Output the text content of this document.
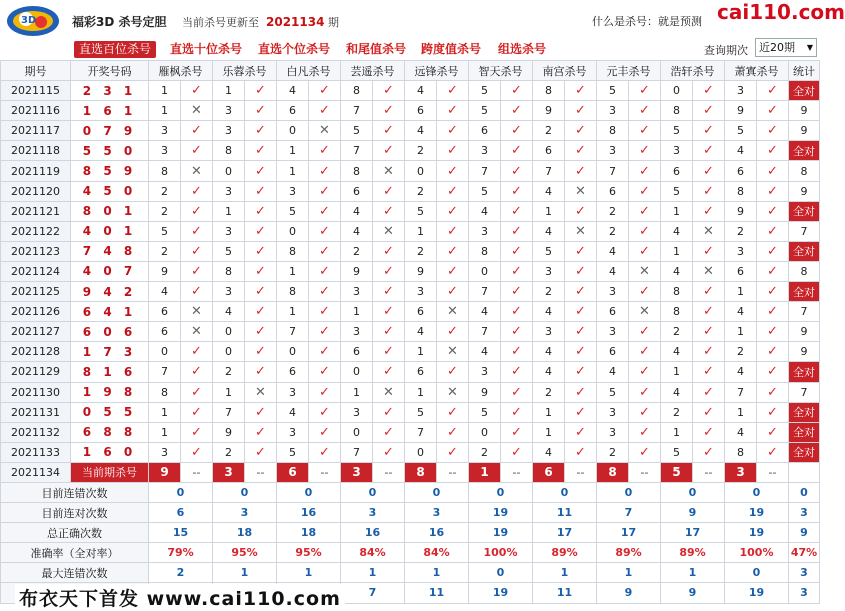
3D	福彩3D 杀号定胆 当前杀号更新至 2021134 期	什么是杀号：就是预测 cai110.com
直选百位杀号	直选十位杀号 直选个位杀号 和尾值杀号 跨度值杀号 组选杀号	查询期次	近20期 ▼
期号	开奖号码	雁枫杀号		乐蓉杀号		白凡杀号		芸遥杀号		远锋杀号		智天杀号		南宫杀号		元丰杀号		浩轩杀号		萧寘杀号		统计
2021115	2 3 1	1	✓	1	✓	4	✓	8	✓	4	✓	5	✓	8	✓	5	✓	0	✓	3	✓	全对
2021116	1 6 1	1	✕	3	✓	6	✓	7	✓	6	✓	5	✓	9	✓	3	✓	8	✓	9	✓	9
2021117	0 7 9	3	✓	3	✓	0	✕	5	✓	4	✓	6	✓	2	✓	8	✓	5	✓	5	✓	9
2021118	5 5 0	3	✓	8	✓	1	✓	7	✓	2	✓	3	✓	6	✓	3	✓	3	✓	4	✓	全对
2021119	8 5 9	8	✕	0	✓	1	✓	8	✕	0	✓	7	✓	7	✓	7	✓	6	✓	6	✓	8
2021120	4 5 0	2	✓	3	✓	3	✓	6	✓	2	✓	5	✓	4	✕	6	✓	5	✓	8	✓	9
2021121	8 0 1	2	✓	1	✓	5	✓	4	✓	5	✓	4	✓	1	✓	2	✓	1	✓	9	✓	全对
2021122	4 0 1	5	✓	3	✓	0	✓	4	✕	1	✓	3	✓	4	✕	2	✓	4	✕	2	✓	7
2021123	7 4 8	2	✓	5	✓	8	✓	2	✓	2	✓	8	✓	5	✓	4	✓	1	✓	3	✓	全对
2021124	4 0 7	9	✓	8	✓	1	✓	9	✓	9	✓	0	✓	3	✓	4	✕	4	✕	6	✓	8
2021125	9 4 2	4	✓	3	✓	8	✓	3	✓	3	✓	7	✓	2	✓	3	✓	8	✓	1	✓	全对
2021126	6 4 1	6	✕	4	✓	1	✓	1	✓	6	✕	4	✓	4	✓	6	✕	8	✓	4	✓	7
2021127	6 0 6	6	✕	0	✓	7	✓	3	✓	4	✓	7	✓	3	✓	3	✓	2	✓	1	✓	9
2021128	1 7 3	0	✓	0	✓	0	✓	6	✓	1	✕	4	✓	4	✓	6	✓	4	✓	2	✓	9
2021129	8 1 6	7	✓	2	✓	6	✓	0	✓	6	✓	3	✓	4	✓	4	✓	1	✓	4	✓	全对
2021130	1 9 8	8	✓	1	✕	3	✓	1	✕	1	✕	9	✓	2	✓	5	✓	4	✓	7	✓	7
2021131	0 5 5	1	✓	7	✓	4	✓	3	✓	5	✓	5	✓	1	✓	3	✓	2	✓	1	✓	全对
2021132	6 8 8	1	✓	9	✓	3	✓	0	✓	7	✓	0	✓	1	✓	3	✓	1	✓	4	✓	全对
2021133	1 6 0	3	✓	2	✓	5	✓	7	✓	0	✓	2	✓	4	✓	2	✓	5	✓	8	✓	全对
2021134	当前期杀号	9	--	3	--	6	--	3	--	8	--	1	--	6	--	8	--	5	--	3	--	
目前连错次数		0		0		0		0		0		0		0		0		0		0		0
目前连对次数		6		3		16		3		3		19		11		7		9		19		3
总正确次数		15		18		18		16		16		19		17		17		17		19		9
准确率（全对率）		79%		95%		95%		84%		84%		100%		89%		89%		89%		100%		47%
最大连错次数		2		1		1		1		1		0		1		1		1		0		3
								7		11		19		11		9		9		19		3
布衣天下首发 www.cai110.com
